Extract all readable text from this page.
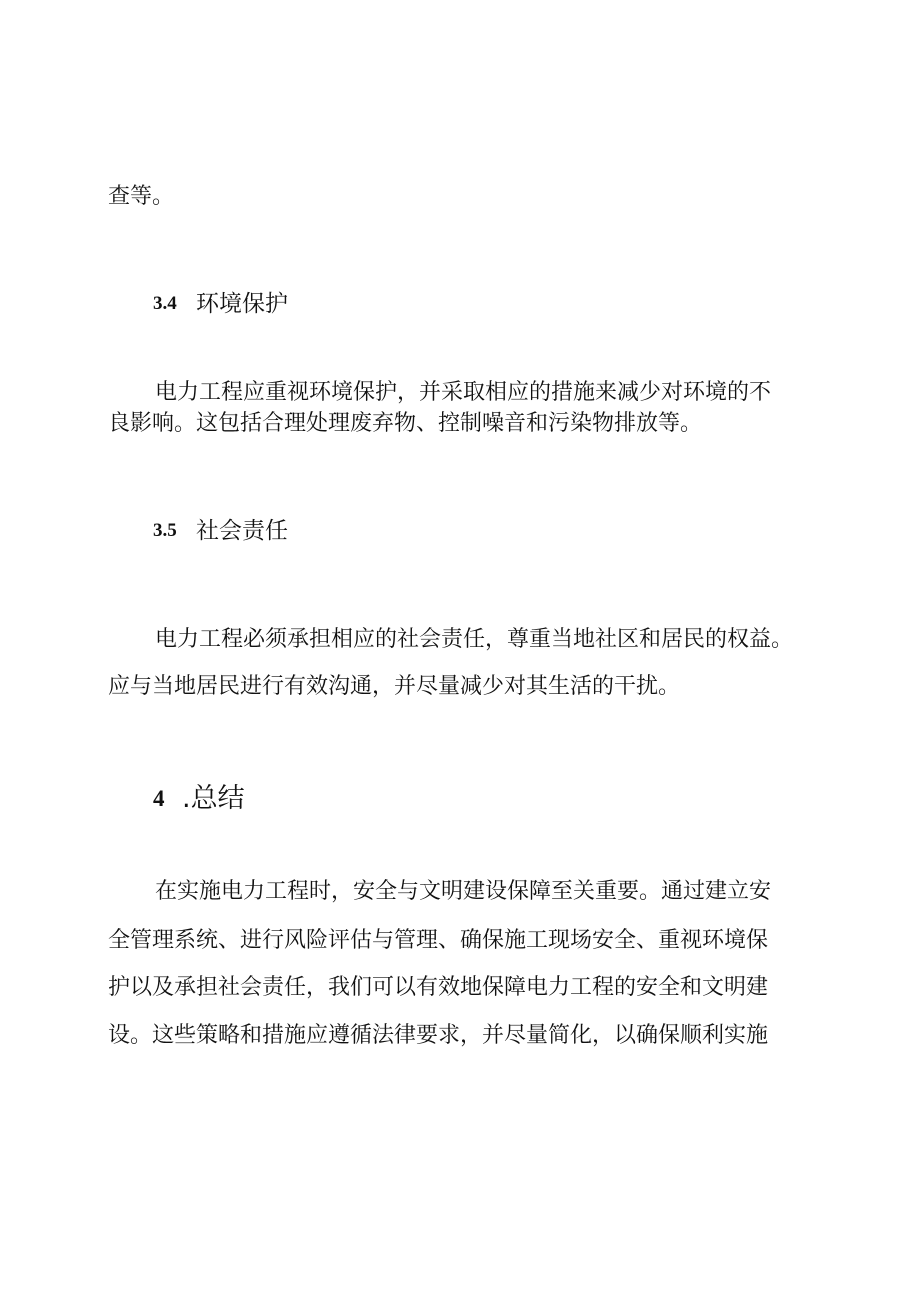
查等。
3.4 环境保护
电力工程应重视环境保护，并采取相应的措施来减少对环境的不
良影响。这包括合理处理废弃物、控制噪音和污染物排放等。
3.5 社会责任
电力工程必须承担相应的社会责任，尊重当地社区和居民的权益。
应与当地居民进行有效沟通，并尽量减少对其生活的干扰。
4 .总结
在实施电力工程时，安全与文明建设保障至关重要。通过建立安
全管理系统、进行风险评估与管理、确保施工现场安全、重视环境保
护以及承担社会责任，我们可以有效地保障电力工程的安全和文明建
设。这些策略和措施应遵循法律要求，并尽量简化，以确保顺利实施
